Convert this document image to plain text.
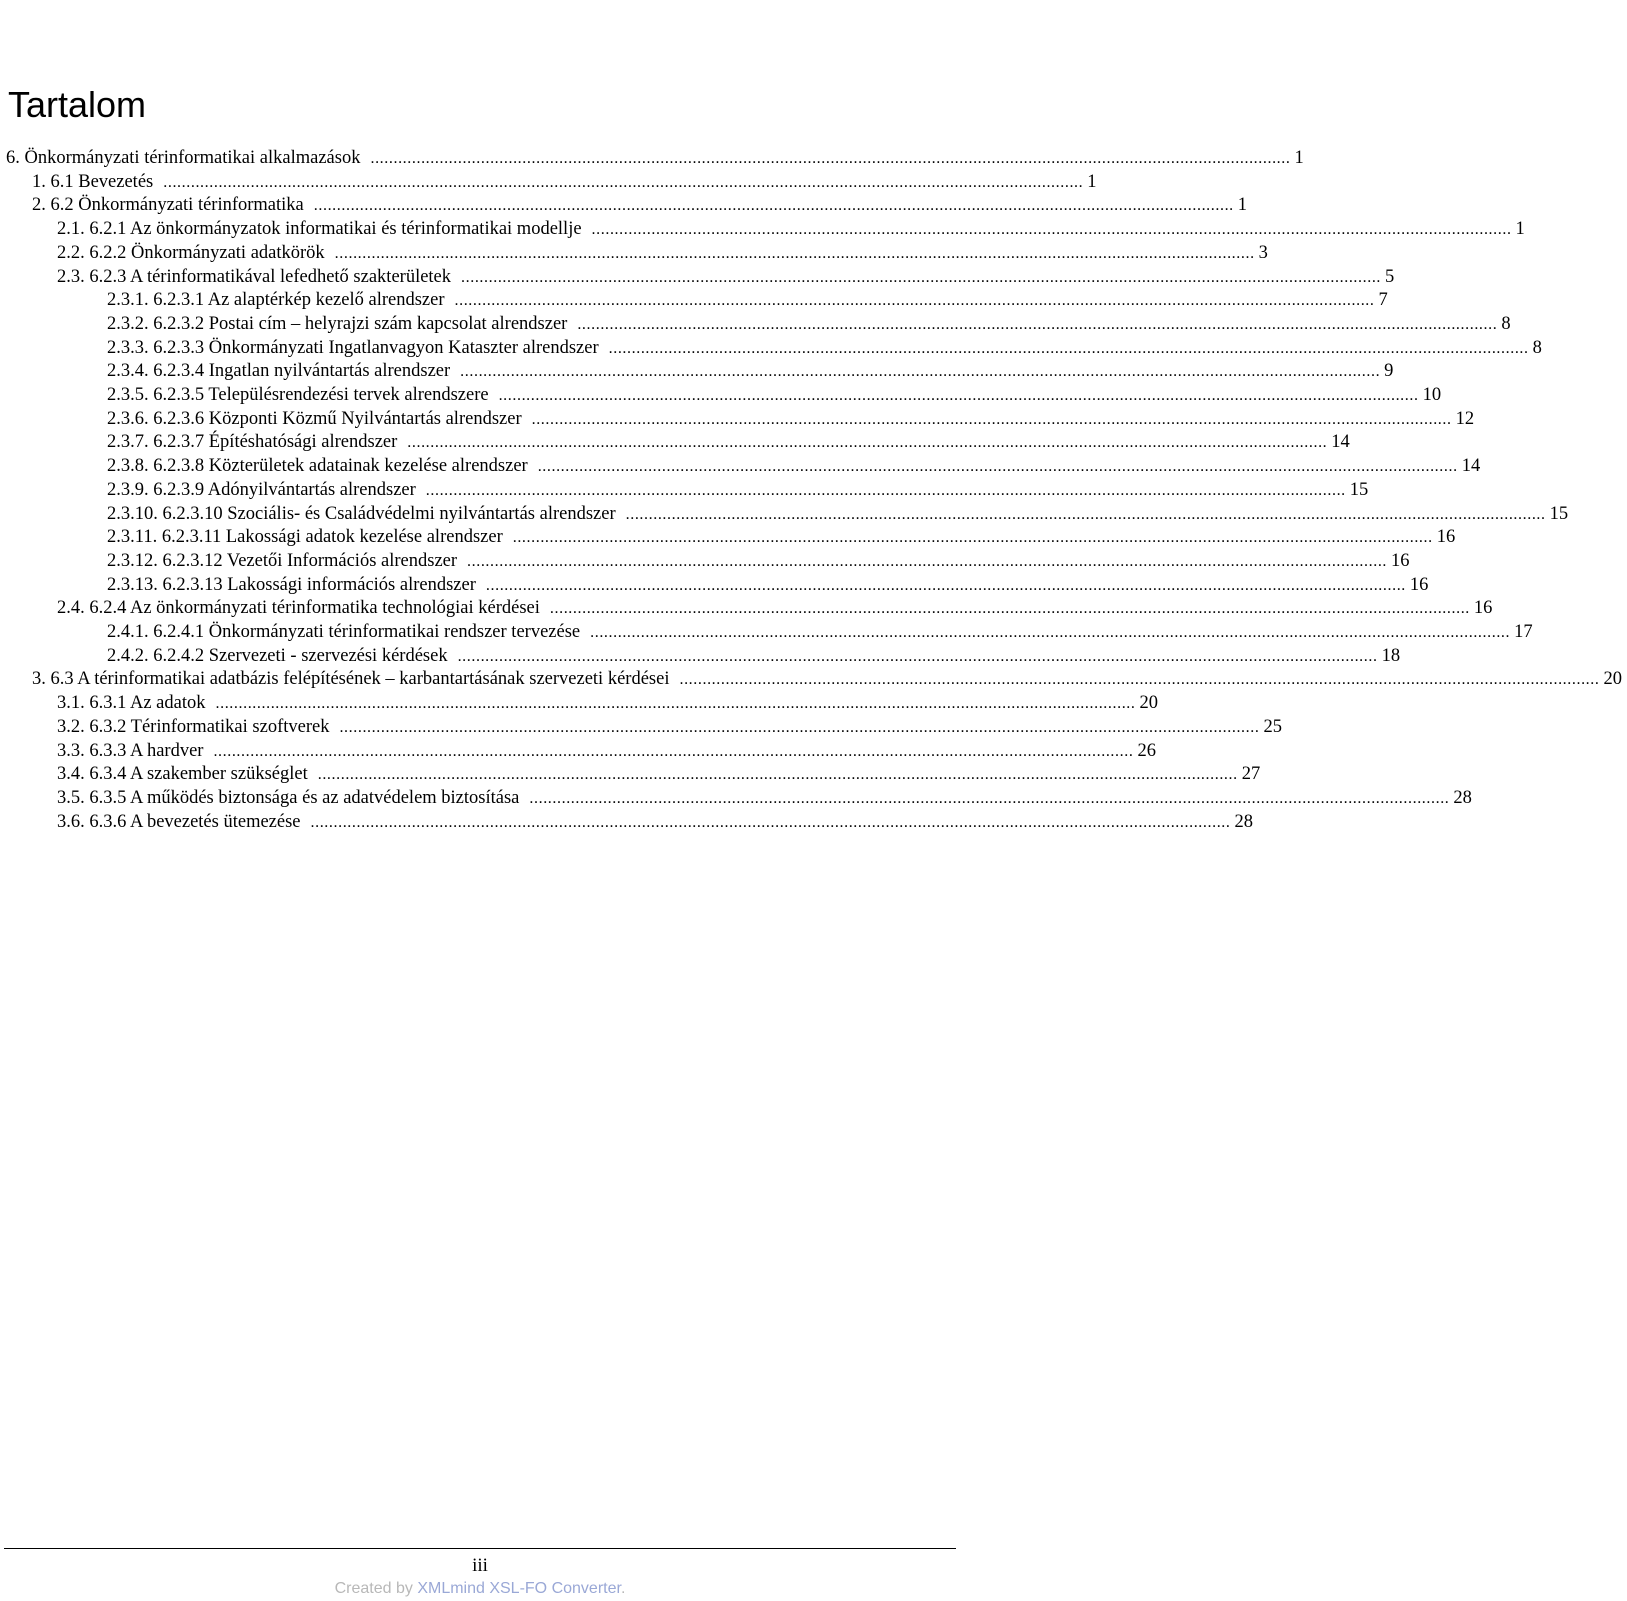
Tartalom
6. Önkormányzati térinformatikai alkalmazások ........................................................................................................................................................................................................ 1
1. 6.1 Bevezetés ........................................................................................................................................................................................................ 1
2. 6.2 Önkormányzati térinformatika ........................................................................................................................................................................................................ 1
2.1. 6.2.1 Az önkormányzatok informatikai és térinformatikai modellje ........................................................................................................................................................................................................ 1
2.2. 6.2.2 Önkormányzati adatkörök ........................................................................................................................................................................................................ 3
2.3. 6.2.3 A térinformatikával lefedhető szakterületek ........................................................................................................................................................................................................ 5
2.3.1. 6.2.3.1 Az alaptérkép kezelő alrendszer ........................................................................................................................................................................................................ 7
2.3.2. 6.2.3.2 Postai cím – helyrajzi szám kapcsolat alrendszer ........................................................................................................................................................................................................ 8
2.3.3. 6.2.3.3 Önkormányzati Ingatlanvagyon Kataszter alrendszer ........................................................................................................................................................................................................ 8
2.3.4. 6.2.3.4 Ingatlan nyilvántartás alrendszer ........................................................................................................................................................................................................ 9
2.3.5. 6.2.3.5 Településrendezési tervek alrendszere ........................................................................................................................................................................................................ 10
2.3.6. 6.2.3.6 Központi Közmű Nyilvántartás alrendszer ........................................................................................................................................................................................................ 12
2.3.7. 6.2.3.7 Építéshatósági alrendszer ........................................................................................................................................................................................................ 14
2.3.8. 6.2.3.8 Közterületek adatainak kezelése alrendszer ........................................................................................................................................................................................................ 14
2.3.9. 6.2.3.9 Adónyilvántartás alrendszer ........................................................................................................................................................................................................ 15
2.3.10. 6.2.3.10 Szociális- és Családvédelmi nyilvántartás alrendszer ........................................................................................................................................................................................................ 15
2.3.11. 6.2.3.11 Lakossági adatok kezelése alrendszer ........................................................................................................................................................................................................ 16
2.3.12. 6.2.3.12 Vezetői Információs alrendszer ........................................................................................................................................................................................................ 16
2.3.13. 6.2.3.13 Lakossági információs alrendszer ........................................................................................................................................................................................................ 16
2.4. 6.2.4 Az önkormányzati térinformatika technológiai kérdései ........................................................................................................................................................................................................ 16
2.4.1. 6.2.4.1 Önkormányzati térinformatikai rendszer tervezése ........................................................................................................................................................................................................ 17
2.4.2. 6.2.4.2 Szervezeti - szervezési kérdések ........................................................................................................................................................................................................ 18
3. 6.3 A térinformatikai adatbázis felépítésének – karbantartásának szervezeti kérdései ........................................................................................................................................................................................................ 20
3.1. 6.3.1 Az adatok ........................................................................................................................................................................................................ 20
3.2. 6.3.2 Térinformatikai szoftverek ........................................................................................................................................................................................................ 25
3.3. 6.3.3 A hardver ........................................................................................................................................................................................................ 26
3.4. 6.3.4 A szakember szükséglet ........................................................................................................................................................................................................ 27
3.5. 6.3.5 A működés biztonsága és az adatvédelem biztosítása ........................................................................................................................................................................................................ 28
3.6. 6.3.6 A bevezetés ütemezése ........................................................................................................................................................................................................ 28
iii
Created by XMLmind XSL-FO Converter.
